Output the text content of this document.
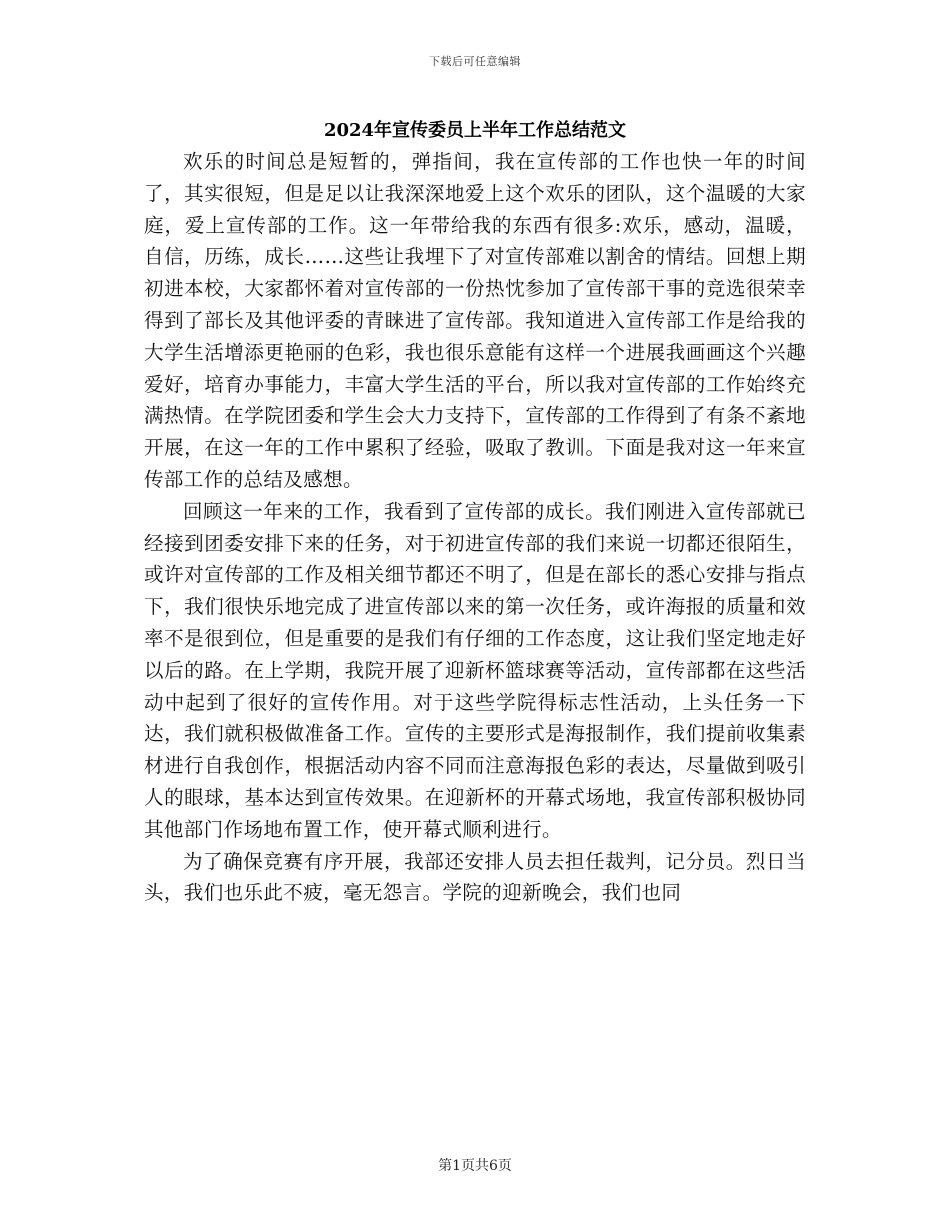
下载后可任意编辑
2024年宣传委员上半年工作总结范文

欢乐的时间总是短暂的，弹指间，我在宣传部的工作也快一年的时间了，其实很短，但是足以让我深深地爱上这个欢乐的团队，这个温暖的大家庭，爱上宣传部的工作。这一年带给我的东西有很多:欢乐，感动，温暖，自信，历练，成长……这些让我埋下了对宣传部难以割舍的情结。回想上期初进本校，大家都怀着对宣传部的一份热忱参加了宣传部干事的竞选很荣幸得到了部长及其他评委的青睐进了宣传部。我知道进入宣传部工作是给我的大学生活增添更艳丽的色彩，我也很乐意能有这样一个进展我画画这个兴趣爱好，培育办事能力，丰富大学生活的平台，所以我对宣传部的工作始终充满热情。在学院团委和学生会大力支持下，宣传部的工作得到了有条不紊地开展，在这一年的工作中累积了经验，吸取了教训。下面是我对这一年来宣传部工作的总结及感想。

回顾这一年来的工作，我看到了宣传部的成长。我们刚进入宣传部就已经接到团委安排下来的任务，对于初进宣传部的我们来说一切都还很陌生，或许对宣传部的工作及相关细节都还不明了，但是在部长的悉心安排与指点下，我们很快乐地完成了进宣传部以来的第一次任务，或许海报的质量和效率不是很到位，但是重要的是我们有仔细的工作态度，这让我们坚定地走好以后的路。在上学期，我院开展了迎新杯篮球赛等活动，宣传部都在这些活动中起到了很好的宣传作用。对于这些学院得标志性活动，上头任务一下达，我们就积极做准备工作。宣传的主要形式是海报制作，我们提前收集素材进行自我创作，根据活动内容不同而注意海报色彩的表达，尽量做到吸引人的眼球，基本达到宣传效果。在迎新杯的开幕式场地，我宣传部积极协同其他部门作场地布置工作，使开幕式顺利进行。

为了确保竞赛有序开展，我部还安排人员去担任裁判，记分员。烈日当头，我们也乐此不疲，毫无怨言。学院的迎新晚会，我们也同

第1页共6页
